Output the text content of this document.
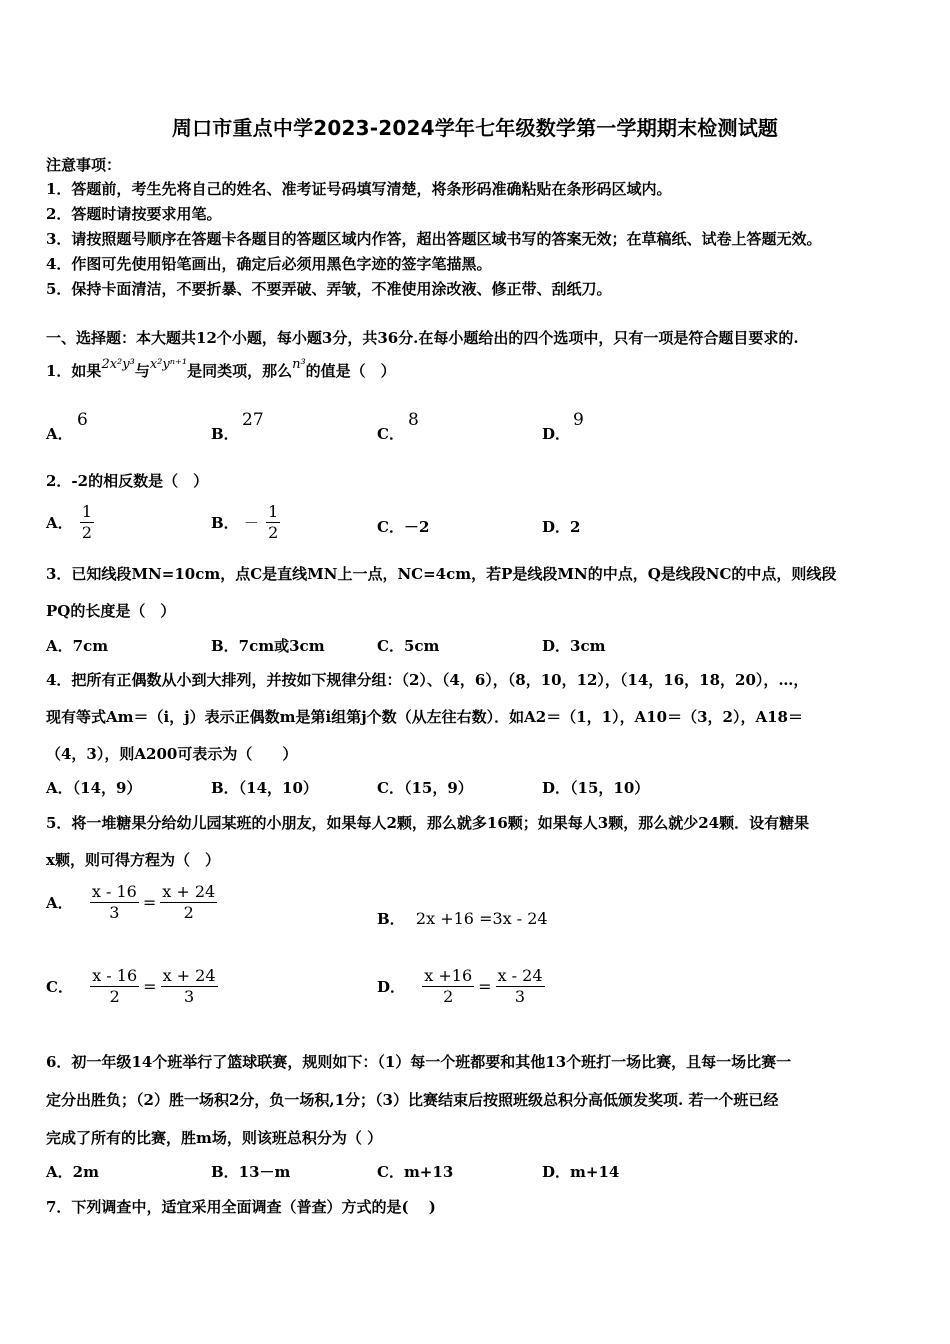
周口市重点中学2023-2024学年七年级数学第一学期期末检测试题
注意事项：
1．答题前，考生先将自己的姓名、准考证号码填写清楚，将条形码准确粘贴在条形码区域内。
2．答题时请按要求用笔。
3．请按照题号顺序在答题卡各题目的答题区域内作答，超出答题区域书写的答案无效；在草稿纸、试卷上答题无效。
4．作图可先使用铅笔画出，确定后必须用黑色字迹的签字笔描黑。
5．保持卡面清洁，不要折暴、不要弄破、弄皱，不准使用涂改液、修正带、刮纸刀。
一、选择题：本大题共12个小题，每小题3分，共36分.在每小题给出的四个选项中，只有一项是符合题目要求的.
1．如果2x²y³与x²yⁿ⁺¹是同类项，那么n³的值是（　）
A．
6
B．
27
C．
8
D．
9
2．-2的相反数是（　）
A． $\frac{1}{2}$	B． － $\frac{1}{2}$	C．－2	D．2
3．已知线段MN=10cm，点C是直线MN上一点，NC=4cm，若P是线段MN的中点，Q是线段NC的中点，则线段
PQ的长度是（　）
A．7cm	B．7cm或3cm	C．5cm	D．3cm
4．把所有正偶数从小到大排列，并按如下规律分组：（2）、（4，6），（8，10，12），（14，16，18，20），…，
现有等式Am＝（i，j）表示正偶数m是第i组第j个数（从左往右数）．如A2＝（1，1），A10＝（3，2），A18＝
（4，3），则A200可表示为（　　）
A．（14，9）	B．（14，10）	C．（15，9）	D．（15，10）
5．将一堆糖果分给幼儿园某班的小朋友，如果每人2颗，那么就多16颗；如果每人3颗，那么就少24颗．设有糖果
x颗，则可得方程为（　）
A． $\frac{x - 16}{3} = \frac{x + 24}{2}$	B． 2x +16 =3x - 24
C． $\frac{x - 16}{2} = \frac{x + 24}{3}$	D． $\frac{x +16}{2} = \frac{x - 24}{3}$
6．初一年级14个班举行了篮球联赛，规则如下：（1）每一个班都要和其他13个班打一场比赛，且每一场比赛一
定分出胜负；（2）胜一场积2分，负一场积,1分；（3）比赛结束后按照班级总积分高低颁发奖项. 若一个班已经
完成了所有的比赛，胜m场，则该班总积分为（ ）
A．2m	B．13－m	C．m+13	D．m+14
7．下列调查中，适宜采用全面调查（普查）方式的是(　 )
